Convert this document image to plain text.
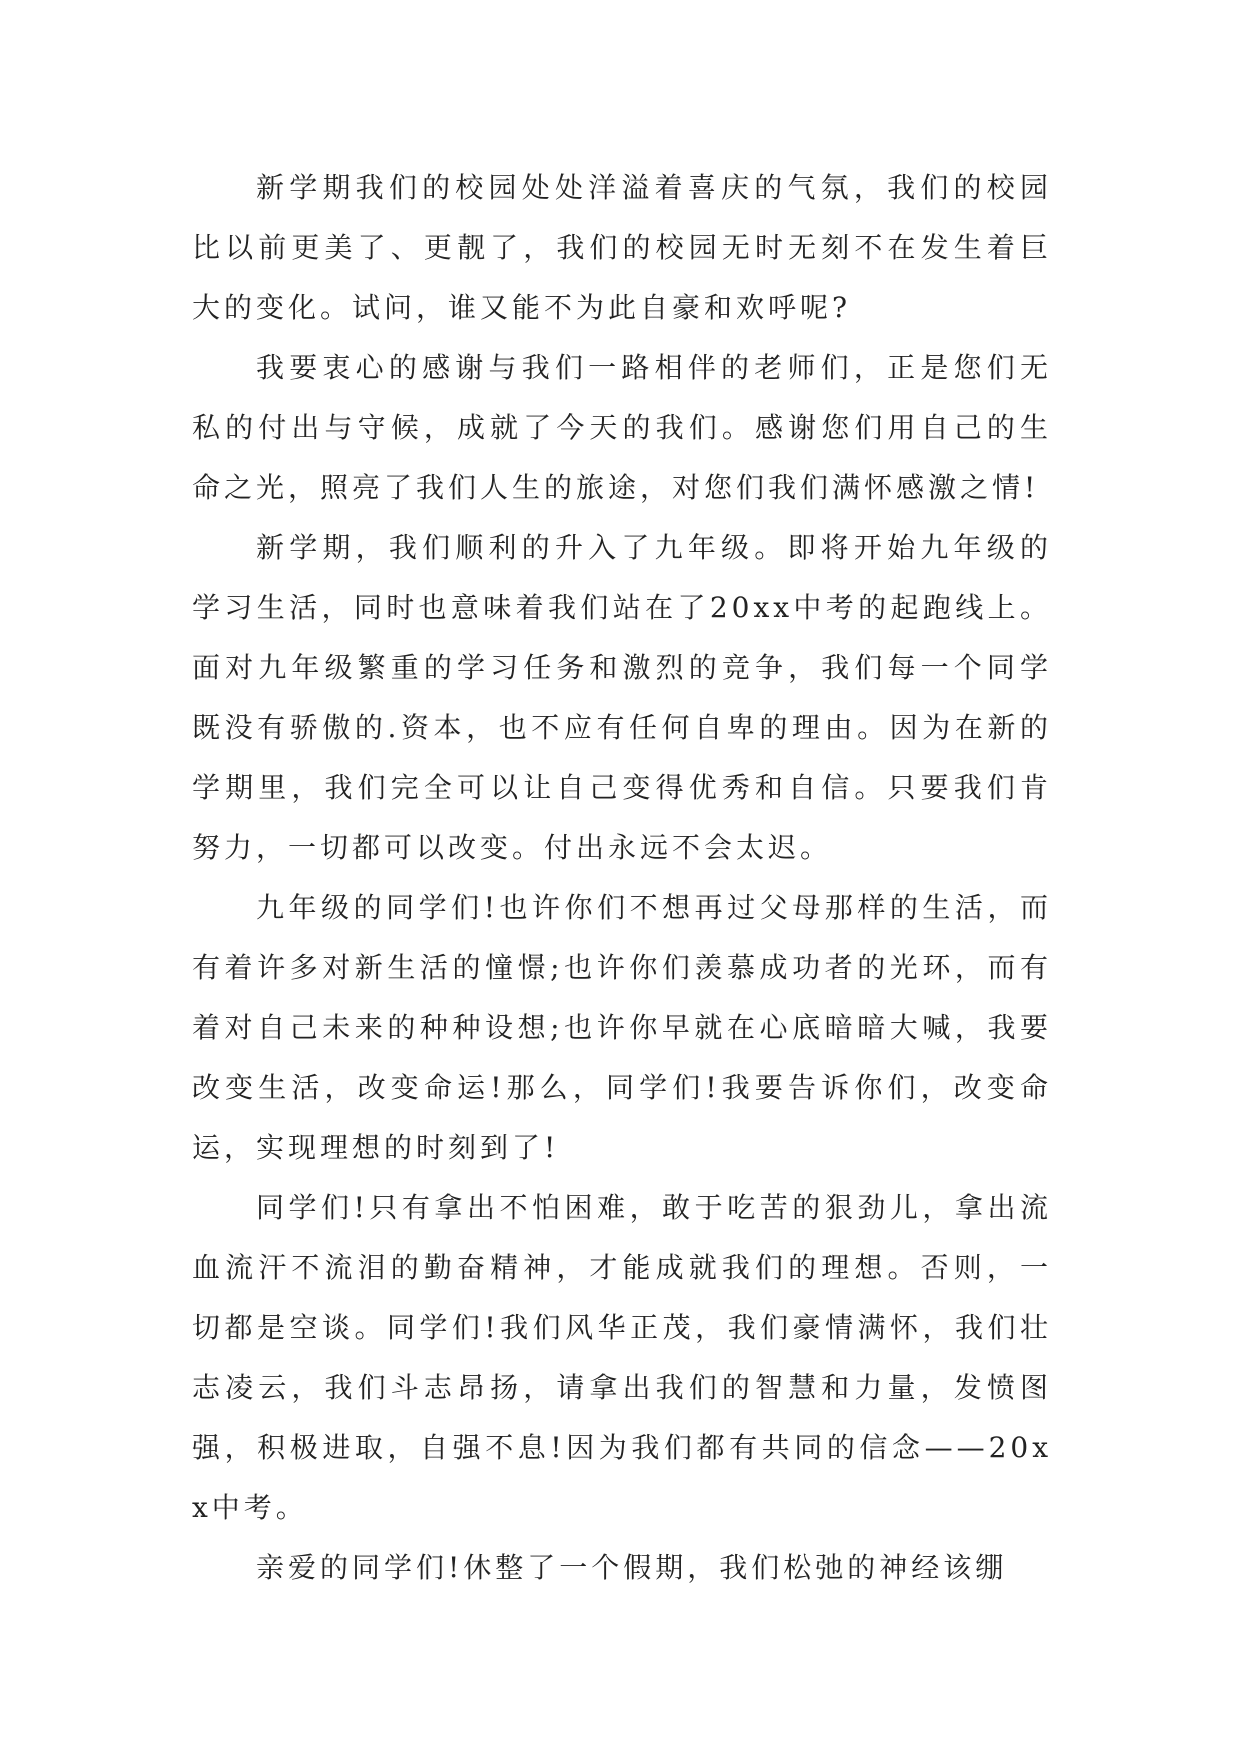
新学期我们的校园处处洋溢着喜庆的气氛，我们的校园比以前更美了、更靓了，我们的校园无时无刻不在发生着巨大的变化。试问，谁又能不为此自豪和欢呼呢?

我要衷心的感谢与我们一路相伴的老师们，正是您们无私的付出与守候，成就了今天的我们。感谢您们用自己的生命之光，照亮了我们人生的旅途，对您们我们满怀感激之情!

新学期，我们顺利的升入了九年级。即将开始九年级的学习生活，同时也意味着我们站在了20xx中考的起跑线上。面对九年级繁重的学习任务和激烈的竞争，我们每一个同学既没有骄傲的.资本，也不应有任何自卑的理由。因为在新的学期里，我们完全可以让自己变得优秀和自信。只要我们肯努力，一切都可以改变。付出永远不会太迟。

九年级的同学们!也许你们不想再过父母那样的生活，而有着许多对新生活的憧憬;也许你们羡慕成功者的光环，而有着对自己未来的种种设想;也许你早就在心底暗暗大喊，我要改变生活，改变命运!那么，同学们!我要告诉你们，改变命运，实现理想的时刻到了!

同学们!只有拿出不怕困难，敢于吃苦的狠劲儿，拿出流血流汗不流泪的勤奋精神，才能成就我们的理想。否则，一切都是空谈。同学们!我们风华正茂，我们豪情满怀，我们壮志凌云，我们斗志昂扬，请拿出我们的智慧和力量，发愤图强，积极进取，自强不息!因为我们都有共同的信念——20xx中考。

亲爱的同学们!休整了一个假期，我们松弛的神经该绷
